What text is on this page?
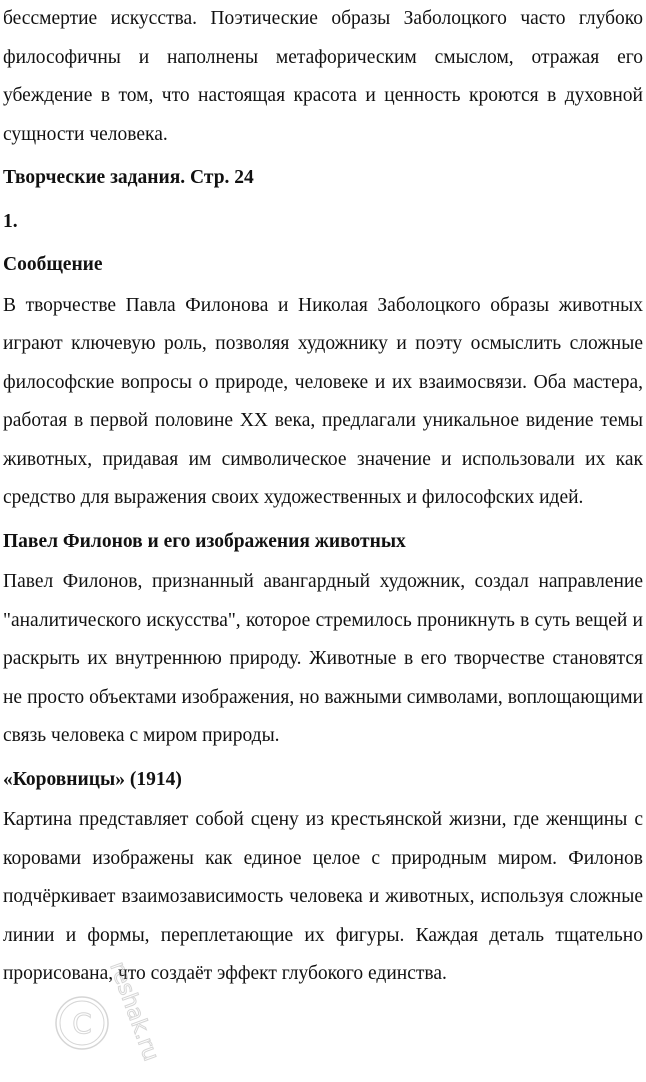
бессмертие искусства. Поэтические образы Заболоцкого часто глубоко философичны и наполнены метафорическим смыслом, отражая его убеждение в том, что настоящая красота и ценность кроются в духовной сущности человека.

Творческие задания. Стр. 24
1.
Сообщение

В творчестве Павла Филонова и Николая Заболоцкого образы животных играют ключевую роль, позволяя художнику и поэту осмыслить сложные философские вопросы о природе, человеке и их взаимосвязи. Оба мастера, работая в первой половине XX века, предлагали уникальное видение темы животных, придавая им символическое значение и использовали их как средство для выражения своих художественных и философских идей.

Павел Филонов и его изображения животных

Павел Филонов, признанный авангардный художник, создал направление "аналитического искусства", которое стремилось проникнуть в суть вещей и раскрыть их внутреннюю природу. Животные в его творчестве становятся не просто объектами изображения, но важными символами, воплощающими связь человека с миром природы.

«Коровницы» (1914)

Картина представляет собой сцену из крестьянской жизни, где женщины с коровами изображены как единое целое с природным миром. Филонов подчёркивает взаимозависимость человека и животных, используя сложные линии и формы, переплетающие их фигуры. Каждая деталь тщательно прорисована, что создаёт эффект глубокого единства.

C reshak.ru
